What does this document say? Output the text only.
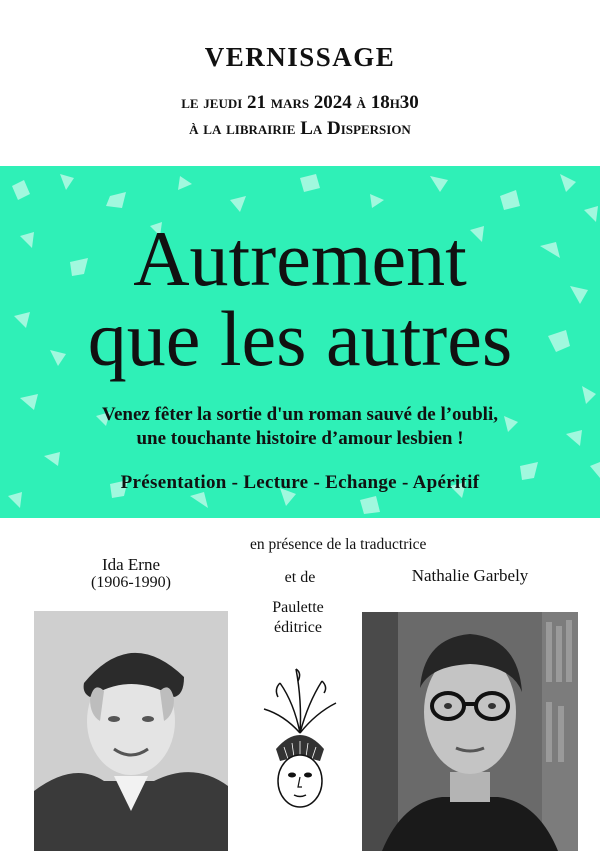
VERNISSAGE
le jeudi 21 mars 2024 à 18h30
à la librairie La Dispersion
Autrement
que les autres
Venez fêter la sortie d'un roman sauvé de l’oubli,
une touchante histoire d’amour lesbien !
Présentation - Lecture - Echange - Apéritif
Ida Erne
(1906-1990)
en présence de la traductrice
et de	Nathalie Garbely
Paulette
éditrice
